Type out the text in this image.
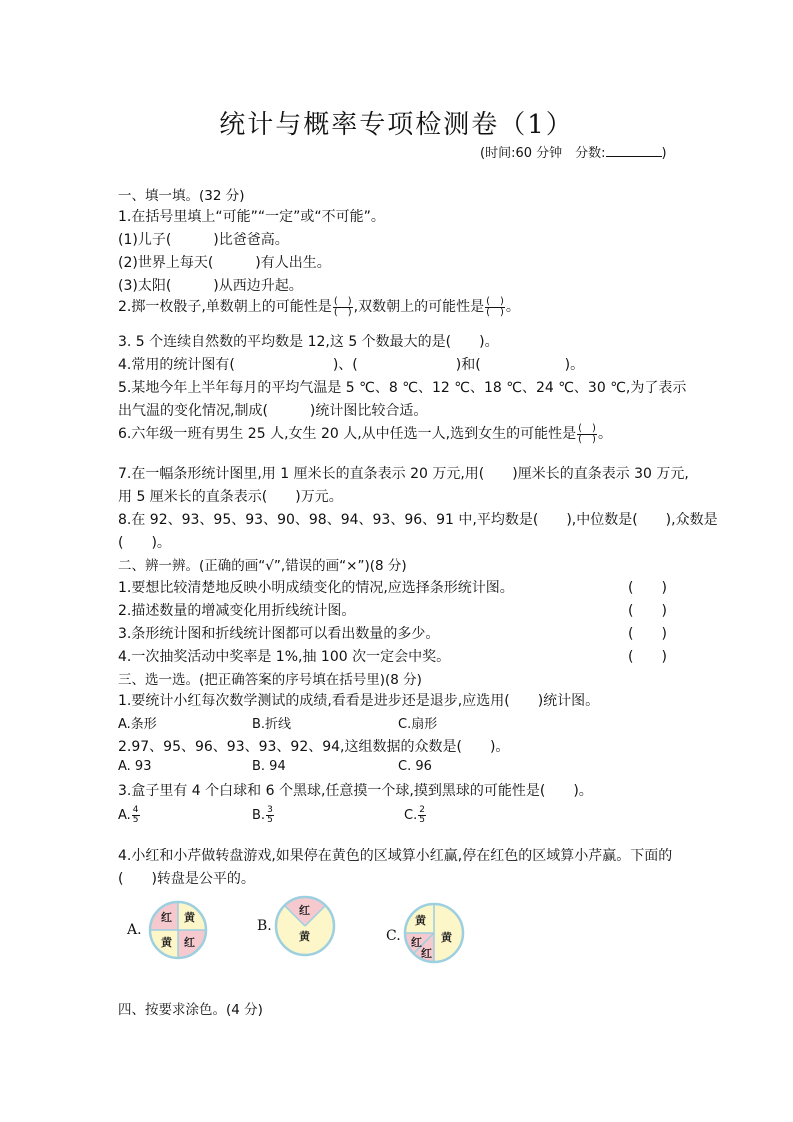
统计与概率专项检测卷（1）
(时间:60 分钟　分数:	)
一、填一填。(32 分)
1.在括号里填上“可能”“一定”或“不可能”。
(1)儿子(　　　)比爸爸高。
(2)世界上每天(　　　)有人出生。
(3)太阳(　　　)从西边升起。
2.掷一枚骰子,单数朝上的可能性是 $\frac{( )}{( )}$ ,双数朝上的可能性是 $\frac{( )}{( )}$ 。
3. 5 个连续自然数的平均数是 12,这 5 个数最大的是(　　)。
4.常用的统计图有(　　　　　　　)、(　　　　　　　)和(　　　　　　)。
5.某地今年上半年每月的平均气温是 5 ℃、8 ℃、12 ℃、18 ℃、24 ℃、30 ℃,为了表示
出气温的变化情况,制成(　　　)统计图比较合适。
6.六年级一班有男生 25 人,女生 20 人,从中任选一人,选到女生的可能性是 $\frac{( )}{( )}$ 。
7.在一幅条形统计图里,用 1 厘米长的直条表示 20 万元,用(　　)厘米长的直条表示 30 万元,
用 5 厘米长的直条表示(　　)万元。
8.在 92、93、95、93、90、98、94、93、96、91 中,平均数是(　　),中位数是(　　),众数是
(　　)。
二、辨一辨。(正确的画“√”,错误的画“×”)(8 分)
1.要想比较清楚地反映小明成绩变化的情况,应选择条形统计图。	(　　)
2.描述数量的增减变化用折线统计图。	(　　)
3.条形统计图和折线统计图都可以看出数量的多少。	(　　)
4.一次抽奖活动中奖率是 1%,抽 100 次一定会中奖。	(　　)
三、选一选。(把正确答案的序号填在括号里)(8 分)
1.要统计小红每次数学测试的成绩,看看是进步还是退步,应选用(　　)统计图。
A.条形	B.折线	C.扇形
2.97、95、96、93、93、92、94,这组数据的众数是(　　)。
A. 93	B. 94	C. 96
3.盒子里有 4 个白球和 6 个黑球,任意摸一个球,摸到黑球的可能性是(　　)。
A. $\frac{4}{5}$	B. $\frac{3}{5}$	C. $\frac{2}{5}$
4.小红和小芹做转盘游戏,如果停在黄色的区域算小红赢,停在红色的区域算小芹赢。下面的
(　　)转盘是公平的。
A.
红 黄
红
黄
B.
红
黄	C.
黄
黄
红
红
四、按要求涂色。(4 分)
